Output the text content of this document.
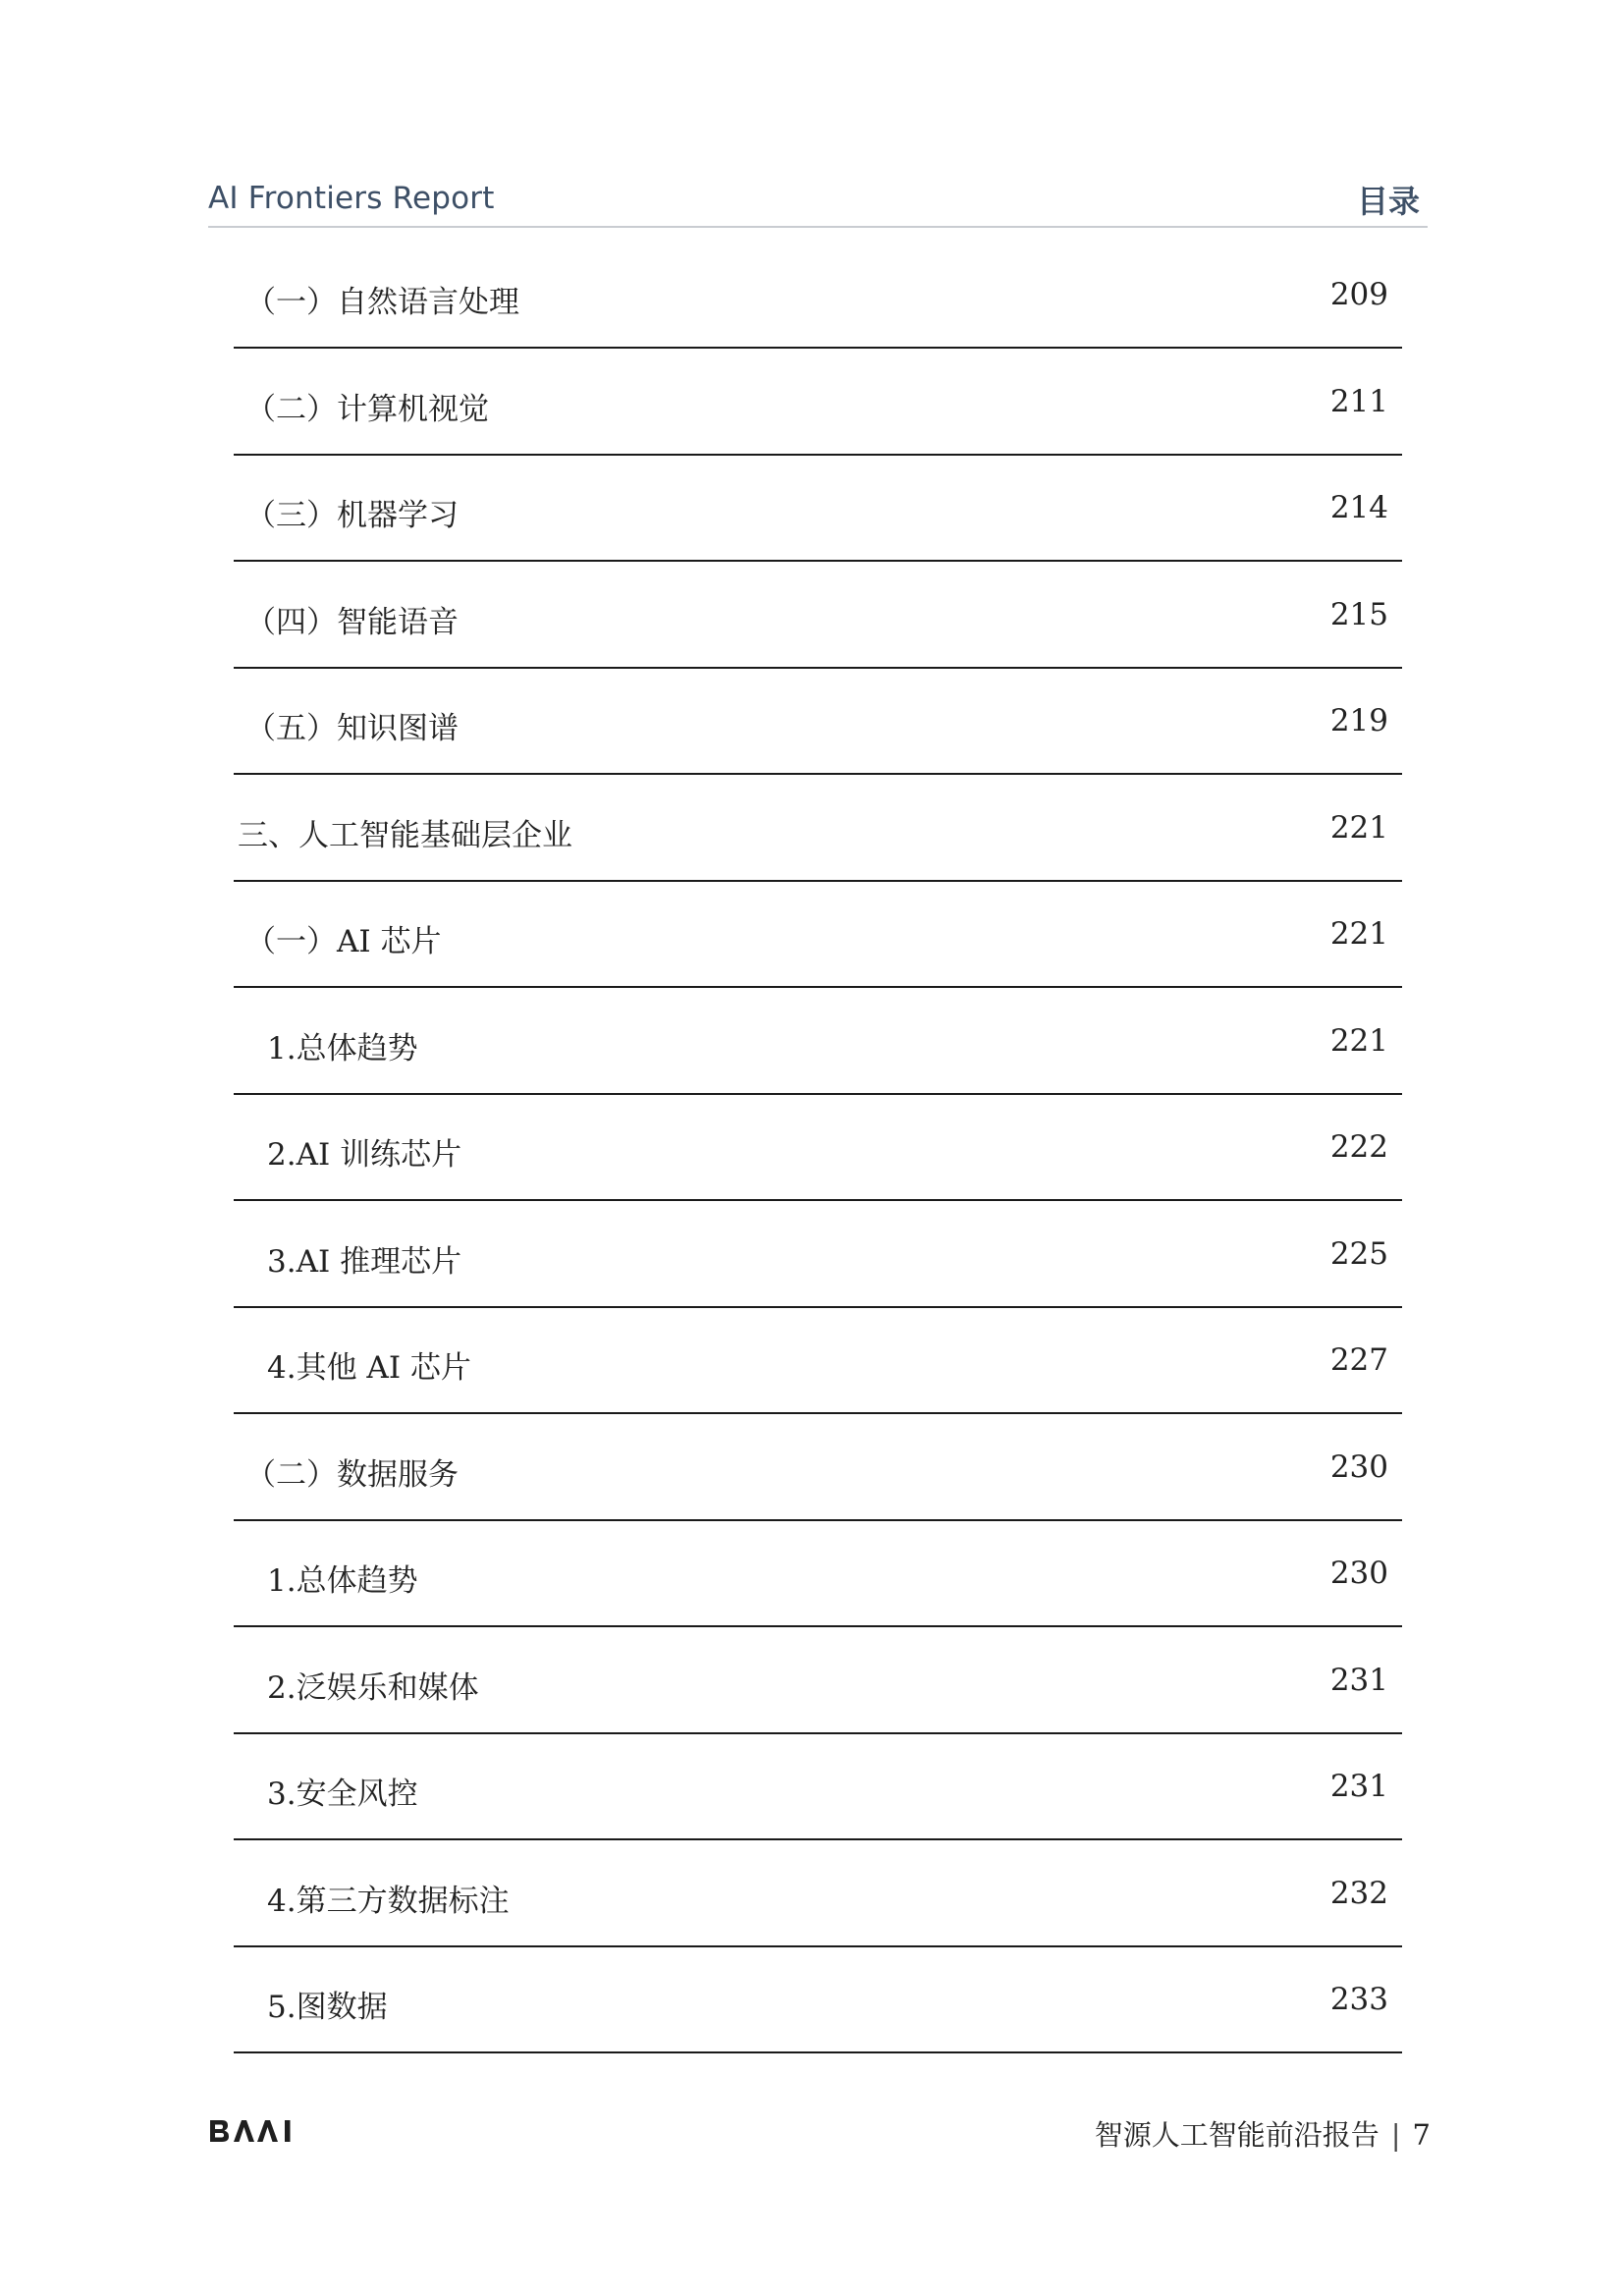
AI Frontiers Report	目录
（一）自然语言处理	209
（二）计算机视觉	211
（三）机器学习	214
（四）智能语音	215
（五）知识图谱	219
三、人工智能基础层企业	221
（一）AI 芯片	221
1.总体趋势	221
2.AI 训练芯片	222
3.AI 推理芯片	225
4.其他 AI 芯片	227
（二）数据服务	230
1.总体趋势	230
2.泛娱乐和媒体	231
3.安全风控	231
4.第三方数据标注	232
5.图数据	233
智源人工智能前沿报告 | 7
